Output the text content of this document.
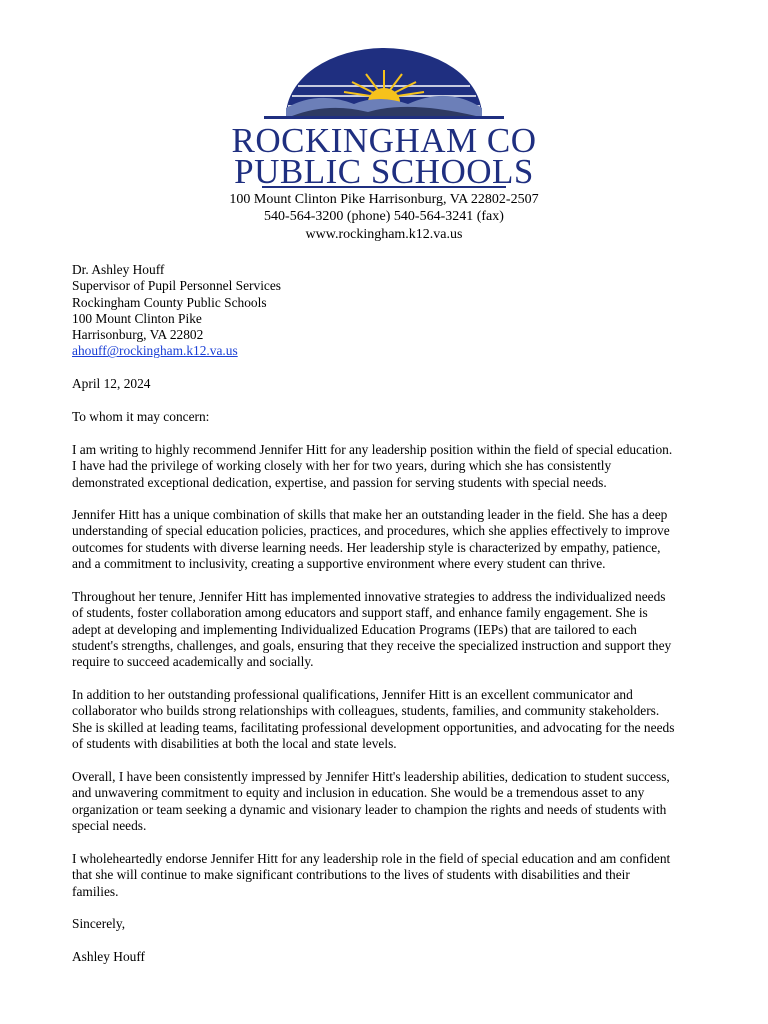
ROCKINGHAM CO
PUBLIC SCHOOLS
100 Mount Clinton Pike Harrisonburg, VA 22802-2507
540-564-3200 (phone) 540-564-3241 (fax)
www.rockingham.k12.va.us
Dr. Ashley Houff
Supervisor of Pupil Personnel Services
Rockingham County Public Schools
100 Mount Clinton Pike
Harrisonburg, VA 22802
ahouff@rockingham.k12.va.us
April 12, 2024
To whom it may concern:
I am writing to highly recommend Jennifer Hitt for any leadership position within the field of special education.
I have had the privilege of working closely with her for two years, during which she has consistently
demonstrated exceptional dedication, expertise, and passion for serving students with special needs.
Jennifer Hitt has a unique combination of skills that make her an outstanding leader in the field. She has a deep
understanding of special education policies, practices, and procedures, which she applies effectively to improve
outcomes for students with diverse learning needs. Her leadership style is characterized by empathy, patience,
and a commitment to inclusivity, creating a supportive environment where every student can thrive.
Throughout her tenure, Jennifer Hitt has implemented innovative strategies to address the individualized needs
of students, foster collaboration among educators and support staff, and enhance family engagement. She is
adept at developing and implementing Individualized Education Programs (IEPs) that are tailored to each
student's strengths, challenges, and goals, ensuring that they receive the specialized instruction and support they
require to succeed academically and socially.
In addition to her outstanding professional qualifications, Jennifer Hitt is an excellent communicator and
collaborator who builds strong relationships with colleagues, students, families, and community stakeholders.
She is skilled at leading teams, facilitating professional development opportunities, and advocating for the needs
of students with disabilities at both the local and state levels.
Overall, I have been consistently impressed by Jennifer Hitt's leadership abilities, dedication to student success,
and unwavering commitment to equity and inclusion in education. She would be a tremendous asset to any
organization or team seeking a dynamic and visionary leader to champion the rights and needs of students with
special needs.
I wholeheartedly endorse Jennifer Hitt for any leadership role in the field of special education and am confident
that she will continue to make significant contributions to the lives of students with disabilities and their
families.
Sincerely,
Ashley Houff
